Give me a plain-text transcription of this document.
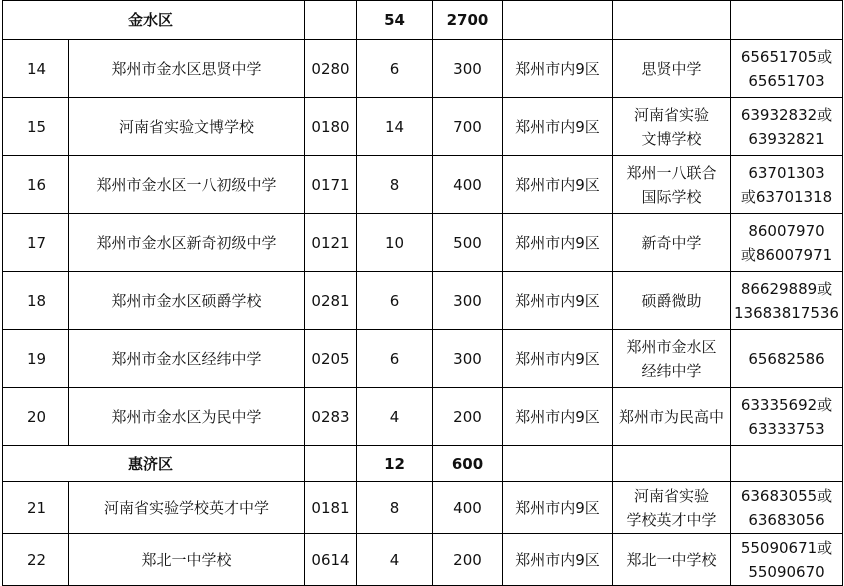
金水区			54	2700			
14	郑州市金水区思贤中学	0280	6	300	郑州市内9区	思贤中学	65651705或
65651703
15	河南省实验文博学校	0180	14	700	郑州市内9区	河南省实验
文博学校	63932832或
63932821
16	郑州市金水区一八初级中学	0171	8	400	郑州市内9区	郑州一八联合
国际学校	63701303
或63701318
17	郑州市金水区新奇初级中学	0121	10	500	郑州市内9区	新奇中学	86007970
或86007971
18	郑州市金水区硕爵学校	0281	6	300	郑州市内9区	硕爵微助	86629889或
13683817536
19	郑州市金水区经纬中学	0205	6	300	郑州市内9区	郑州市金水区
经纬中学	65682586
20	郑州市金水区为民中学	0283	4	200	郑州市内9区	郑州市为民高中	63335692或
63333753
惠济区			12	600			
21	河南省实验学校英才中学	0181	8	400	郑州市内9区	河南省实验
学校英才中学	63683055或
63683056
22	郑北一中学校	0614	4	200	郑州市内9区	郑北一中学校	55090671或
55090670
